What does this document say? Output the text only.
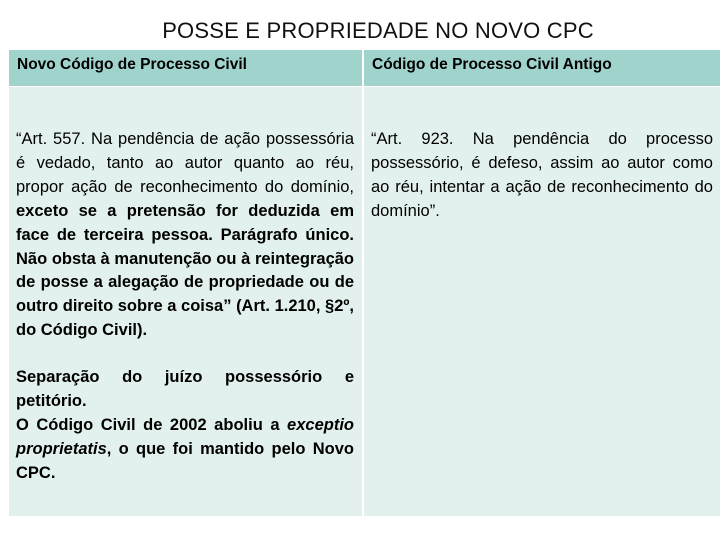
POSSE E PROPRIEDADE NO NOVO CPC
Novo Código de Processo Civil	Código de Processo Civil Antigo

“Art. 557. Na pendência de ação possessória é vedado, tanto ao autor quanto ao réu, propor ação de reconhecimento do domínio, exceto se a pretensão for deduzida em face de terceira pessoa. Parágrafo único. Não obsta à manutenção ou à reintegração de posse a alegação de propriedade ou de outro direito sobre a coisa” (Art. 1.210, §2º, do Código Civil).

Separação do juízo possessório e petitório.
O Código Civil de 2002 aboliu a exceptio proprietatis, o que foi mantido pelo Novo CPC.

“Art. 923. Na pendência do processo possessório, é defeso, assim ao autor como ao réu, intentar a ação de reconhecimento do domínio”.
